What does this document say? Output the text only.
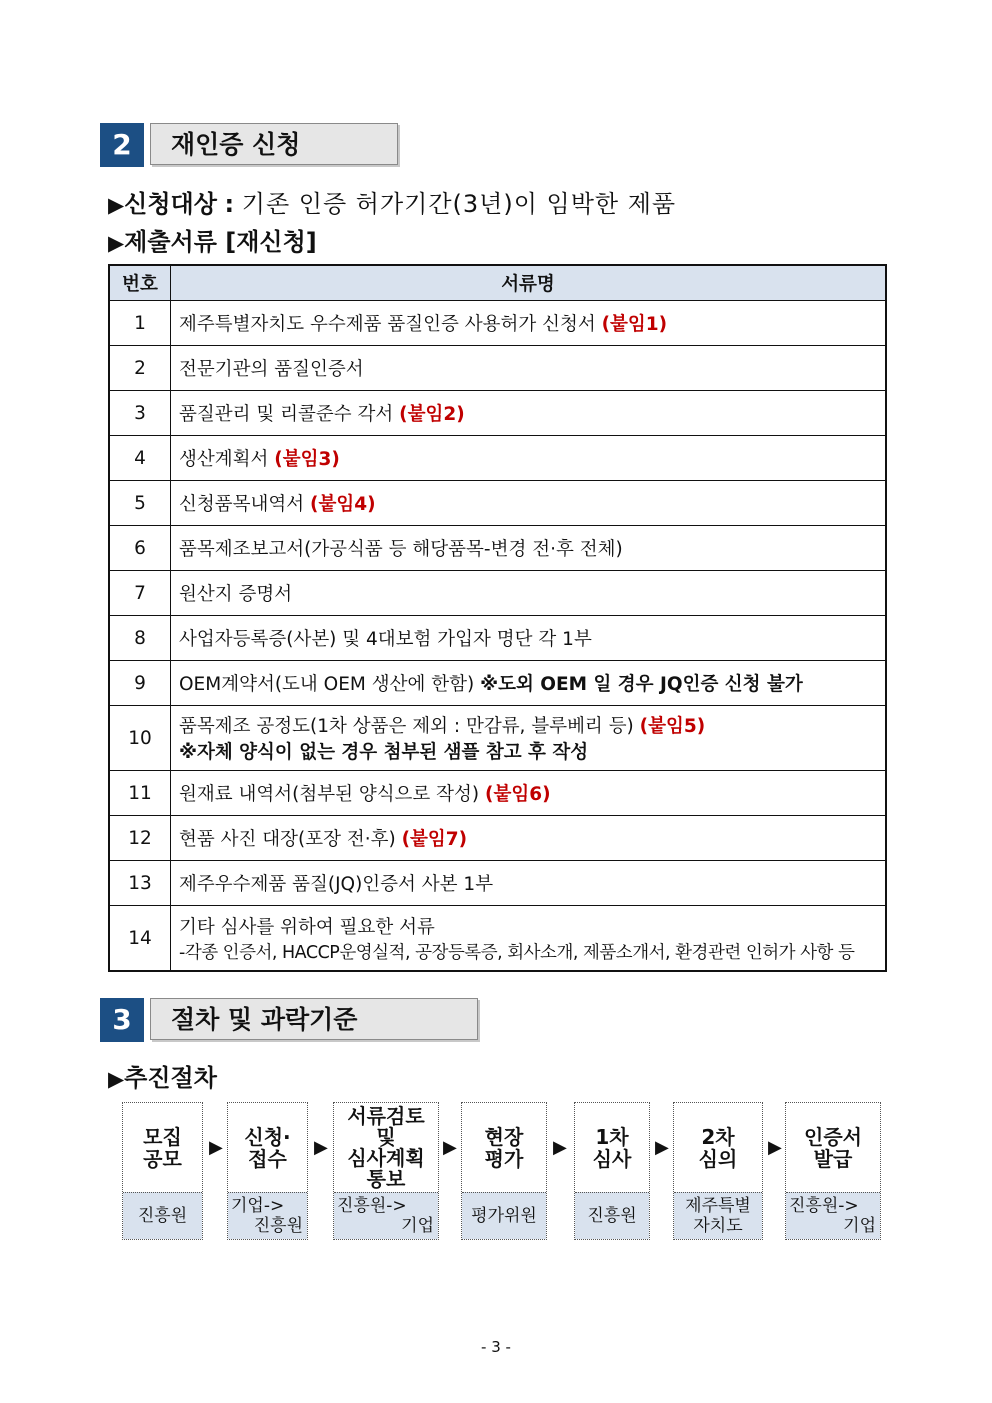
2	재인증 신청
▶신청대상 : 기존 인증 허가기간(3년)이 임박한 제품
▶제출서류 [재신청]
번호	서류명
1	제주특별자치도 우수제품 품질인증 사용허가 신청서 (붙임1)
2	전문기관의 품질인증서
3	품질관리 및 리콜준수 각서 (붙임2)
4	생산계획서 (붙임3)
5	신청품목내역서 (붙임4)
6	품목제조보고서(가공식품 등 해당품목-변경 전·후 전체)
7	원산지 증명서
8	사업자등록증(사본) 및 4대보험 가입자 명단 각 1부
9	OEM계약서(도내 OEM 생산에 한함) ※도외 OEM 일 경우 JQ인증 신청 불가
10	품목제조 공정도(1차 상품은 제외 : 만감류, 블루베리 등) (붙임5)
※자체 양식이 없는 경우 첨부된 샘플 참고 후 작성

11	원재료 내역서(첨부된 양식으로 작성) (붙임6)
12	현품 사진 대장(포장 전·후) (붙임7)
13	제주우수제품 품질(JQ)인증서 사본 1부
14	기타 심사를 위하여 필요한 서류
-각종 인증서, HACCP운영실적, 공장등록증, 회사소개, 제품소개서, 환경관련 인허가 사항 등
3	절차 및 과락기준
▶추진절차
모집
공모
진흥원
▶ 신청·
접수
기업->
진흥원
▶
서류검토
및
심사계획
통보
진흥원->
기업
▶ 현장
평가
평가위원
▶ 1차
심사
진흥원
▶ 2차
심의
제주특별
자치도
▶ 인증서
발급
진흥원->
기업
- 3 -
